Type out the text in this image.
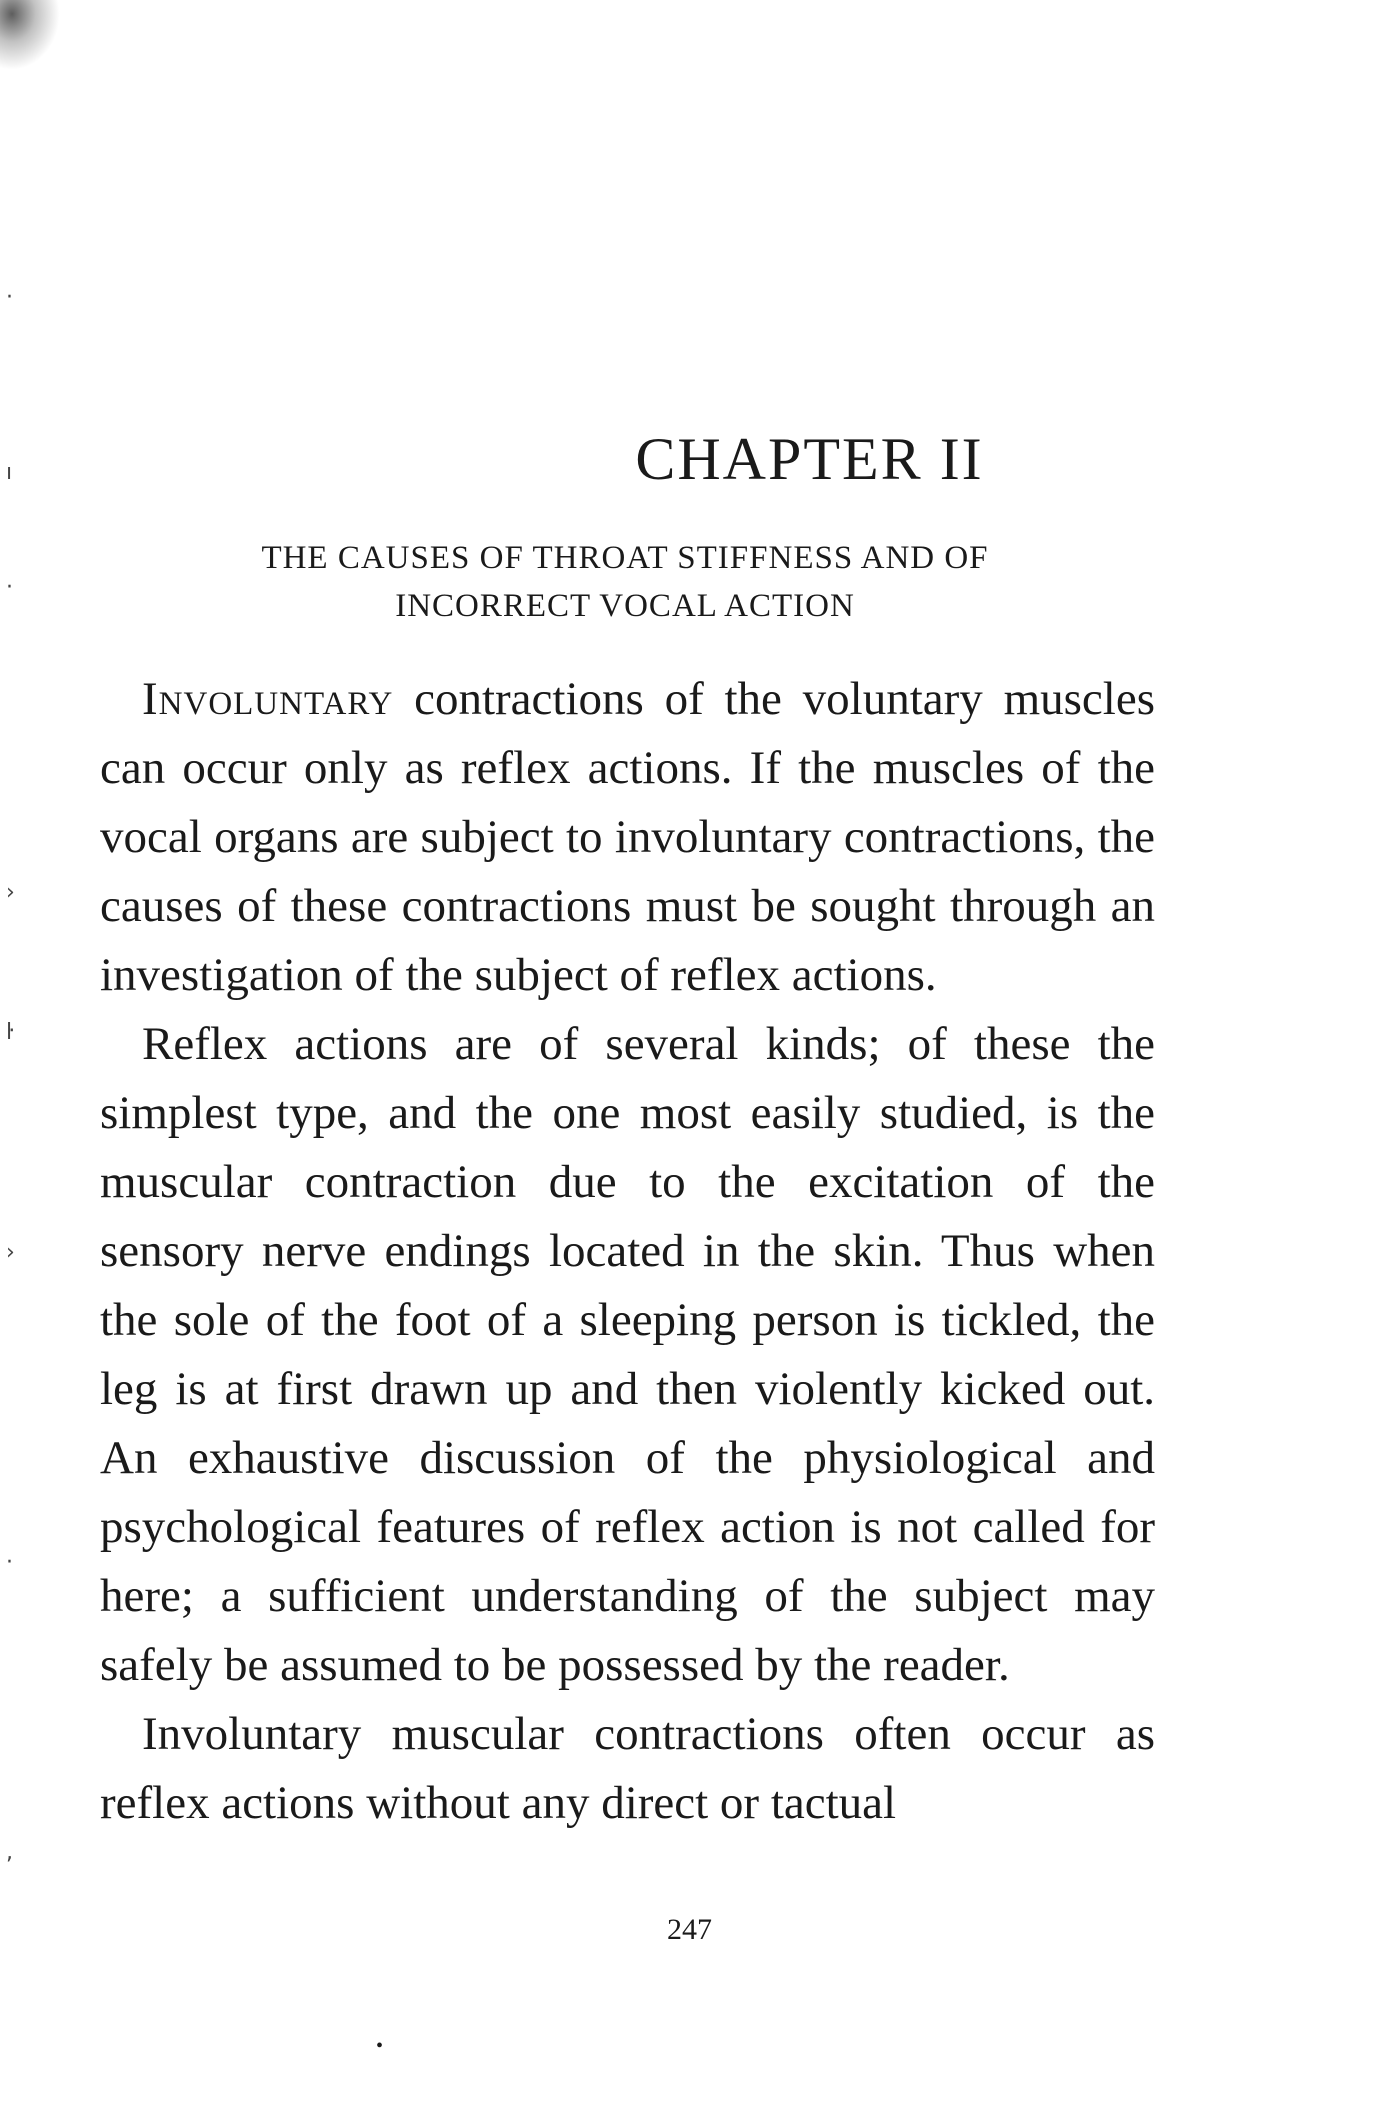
·
ı
·
›
ŀ
›
·
,
CHAPTER II
THE CAUSES OF THROAT STIFFNESS AND OF
INCORRECT VOCAL ACTION

Involuntary contractions of the voluntary muscles can occur only as reflex actions. If the muscles of the vocal organs are subject to involuntary contractions, the causes of these contractions must be sought through an investigation of the subject of reflex actions.

Reflex actions are of several kinds; of these the simplest type, and the one most easily studied, is the muscular contraction due to the excitation of the sensory nerve endings located in the skin. Thus when the sole of the foot of a sleeping person is tickled, the leg is at first drawn up and then violently kicked out. An exhaustive discussion of the physiological and psychological features of reflex action is not called for here; a sufficient understanding of the subject may safely be assumed to be possessed by the reader.

Involuntary muscular contractions often occur as reflex actions without any direct or tactual

247
•
